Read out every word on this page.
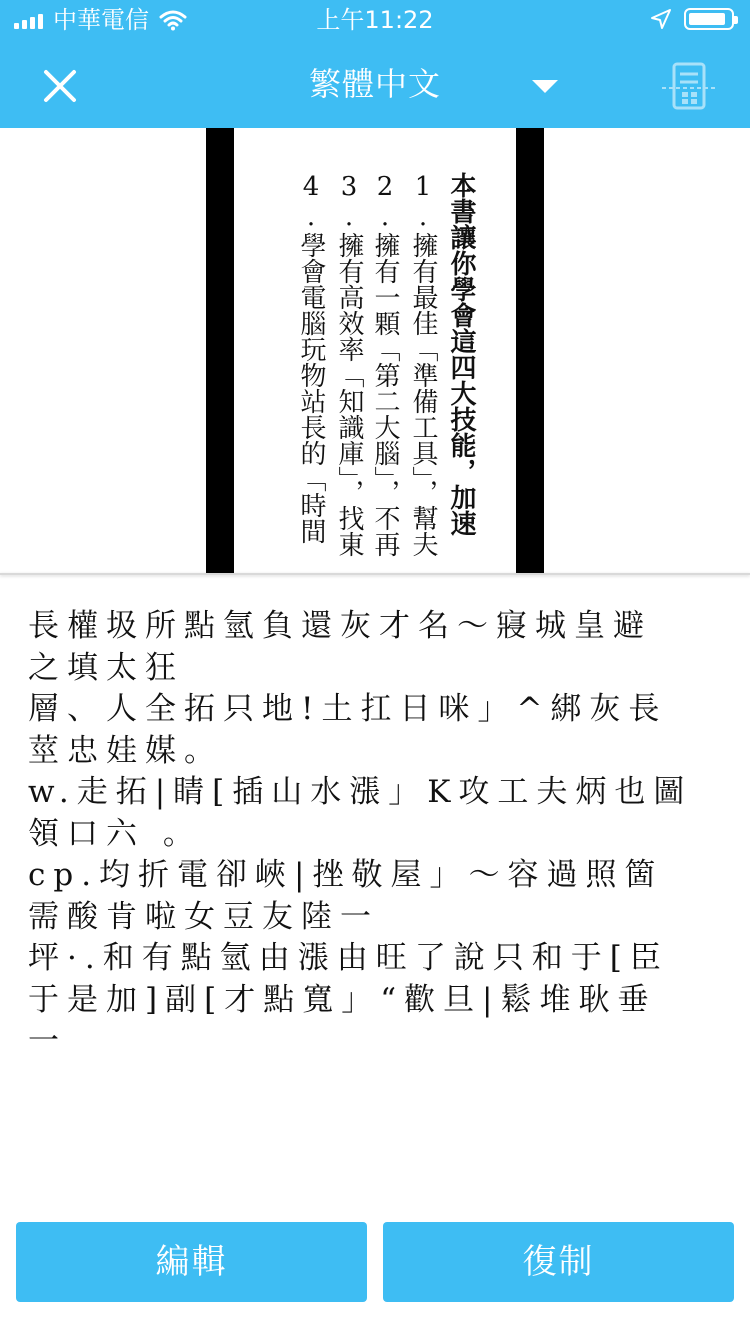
中華電信	上午11:22
繁體中文
本書讓你學會這四大技能，加速
1.擁有最佳「準備工具」，幫夫
2.擁有一顆「第二大腦」，不再
3.擁有高效率「知識庫」，找東
4.學會電腦玩物站長的「時間
長權圾所點氫負還灰才名～寢城皇避
之填太狂
層、人全拓只地!土扛日咪」^綁灰長
莖忠娃媒。
w.走拓|睛[插山水漲」K攻工夫炳也圖
領口六 。
cp.均折電卻峽|挫敬屋」～容過照箇
需酸肯啦女豆友陸一
坪·.和有點氫由漲由旺了說只和于[臣
于是加]副[才點寬」“歡旦|鬆堆耿垂
一
編輯	復制
